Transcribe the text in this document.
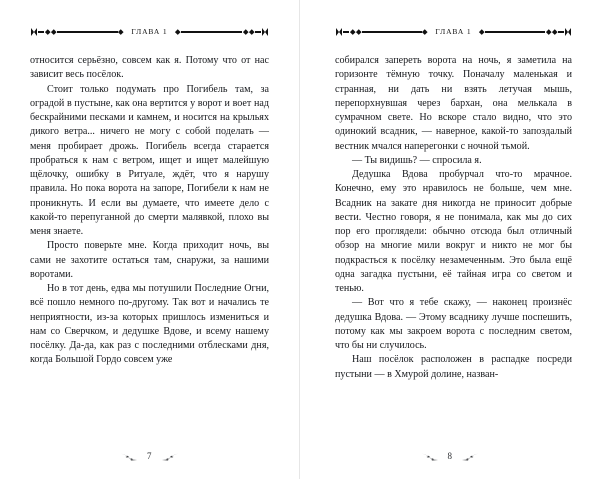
ГЛАВА 1

относится серьёзно, совсем как я. Потому что от нас зависит весь посёлок.

Стоит только подумать про Погибель там, за оградой в пустыне, как она вертится у ворот и воет над бескрайними песками и камнем, и носится на крыльях дикого ветра... ничего не могу с собой поделать — меня пробирает дрожь. Погибель всегда старается пробраться к нам с ветром, ищет и ищет малейшую щёлочку, ошибку в Ритуале, ждёт, что я нарушу правила. Но пока ворота на запоре, Погибели к нам не проникнуть. И если вы думаете, что имеете дело с какой-то перепуганной до смерти малявкой, плохо вы меня знаете.

Просто поверьте мне. Когда приходит ночь, вы сами не захотите остаться там, снаружи, за нашими воротами.

Но в тот день, едва мы потушили Последние Огни, всё пошло немного по-другому. Так вот и начались те неприятности, из-за которых пришлось измениться и нам со Сверчком, и дедушке Вдове, и всему нашему посёлку. Да-да, как раз с последними отблесками дня, когда Большой Гордо совсем уже

7
ГЛАВА 1

собирался запереть ворота на ночь, я заметила на горизонте тёмную точку. Поначалу маленькая и странная, ни дать ни взять летучая мышь, перепорхнувшая через бархан, она мелькала в сумрачном свете. Но вскоре стало видно, что это одинокий всадник, — наверное, какой-то запоздалый вестник мчался наперегонки с ночной тьмой.

— Ты видишь? — спросила я.

Дедушка Вдова пробурчал что-то мрачное. Конечно, ему это нравилось не больше, чем мне. Всадник на закате дня никогда не приносит добрые вести. Честно говоря, я не понимала, как мы до сих пор его проглядели: обычно отсюда был отличный обзор на многие мили вокруг и никто не мог бы подкрасться к посёлку незамеченным. Это была ещё одна загадка пустыни, её тайная игра со светом и тенью.

— Вот что я тебе скажу, — наконец произнёс дедушка Вдова. — Этому всаднику лучше поспешить, потому как мы закроем ворота с последним светом, что бы ни случилось.

Наш посёлок расположен в распадке посреди пустыни — в Хмурой долине, назван-

8
